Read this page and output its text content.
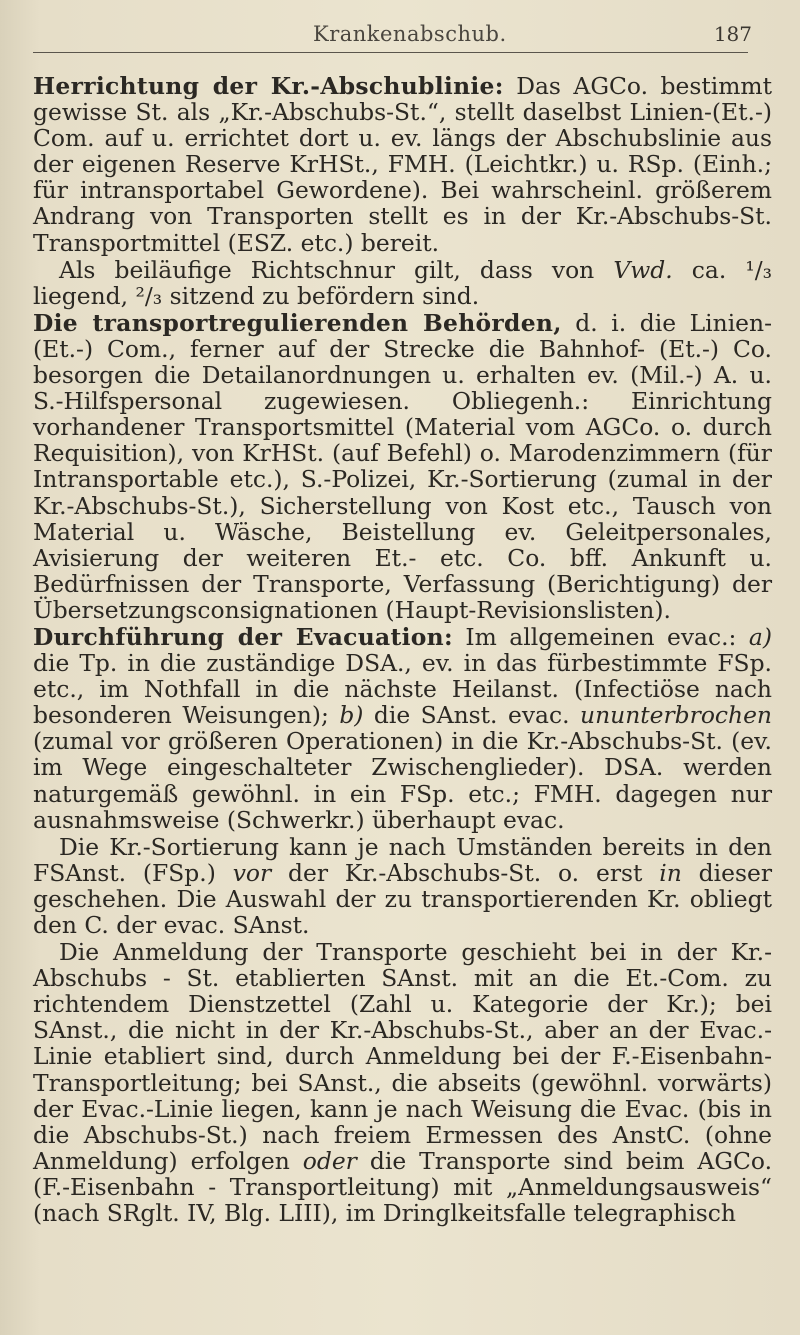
Krankenabschub.	187

Herrichtung der Kr.-Abschublinie: Das AGCo. bestimmt gewisse St. als „Kr.-Abschubs-St.“, stellt daselbst Linien-(Et.-) Com. auf u. errichtet dort u. ev. längs der Abschubslinie aus der eigenen Reserve KrHSt., FMH. (Leichtkr.) u. RSp. (Einh.; für intransportabel Gewordene). Bei wahrscheinl. größerem Andrang von Transporten stellt es in der Kr.-Abschubs-St. Transportmittel (ESZ. etc.) bereit.

Als beiläufige Richtschnur gilt, dass von Vwd. ca. ¹/₃ liegend, ²/₃ sitzend zu befördern sind.

Die transportregulierenden Behörden, d. i. die Linien-(Et.-) Com., ferner auf der Strecke die Bahnhof- (Et.-) Co. besorgen die Detailanordnungen u. erhalten ev. (Mil.-) A. u. S.-Hilfspersonal zugewiesen. Obliegenh.: Einrichtung vorhandener Transportsmittel (Material vom AGCo. o. durch Requisition), von KrHSt. (auf Befehl) o. Marodenzimmern (für Intransportable etc.), S.-Polizei, Kr.-Sortierung (zumal in der Kr.-Abschubs-St.), Sicherstellung von Kost etc., Tausch von Material u. Wäsche, Beistellung ev. Geleitpersonales, Avisierung der weiteren Et.- etc. Co. bff. Ankunft u. Bedürfnissen der Transporte, Verfassung (Berichtigung) der Übersetzungsconsignationen (Haupt-Revisionslisten).

Durchführung der Evacuation: Im allgemeinen evac.: a) die Tp. in die zuständige DSA., ev. in das fürbestimmte FSp. etc., im Nothfall in die nächste Heilanst. (Infectiöse nach besonderen Weisungen); b) die SAnst. evac. ununterbrochen (zumal vor größeren Operationen) in die Kr.-Abschubs-St. (ev. im Wege eingeschalteter Zwischenglieder). DSA. werden naturgemäß gewöhnl. in ein FSp. etc.; FMH. dagegen nur ausnahmsweise (Schwerkr.) überhaupt evac.

Die Kr.-Sortierung kann je nach Umständen bereits in den FSAnst. (FSp.) vor der Kr.-Abschubs-St. o. erst in dieser geschehen. Die Auswahl der zu transportierenden Kr. obliegt den C. der evac. SAnst.

Die Anmeldung der Transporte geschieht bei in der Kr.-Abschubs - St. etablierten SAnst. mit an die Et.-Com. zu richtendem Dienstzettel (Zahl u. Kategorie der Kr.); bei SAnst., die nicht in der Kr.-Abschubs-St., aber an der Evac.-Linie etabliert sind, durch Anmeldung bei der F.-Eisenbahn-Transportleitung; bei SAnst., die abseits (gewöhnl. vorwärts) der Evac.-Linie liegen, kann je nach Weisung die Evac. (bis in die Abschubs-St.) nach freiem Ermessen des AnstC. (ohne Anmeldung) erfolgen oder die Transporte sind beim AGCo. (F.-Eisenbahn - Transportleitung) mit „Anmeldungsausweis“ (nach SRglt. IV, Blg. LIII), im Dringlkeitsfalle telegraphisch
